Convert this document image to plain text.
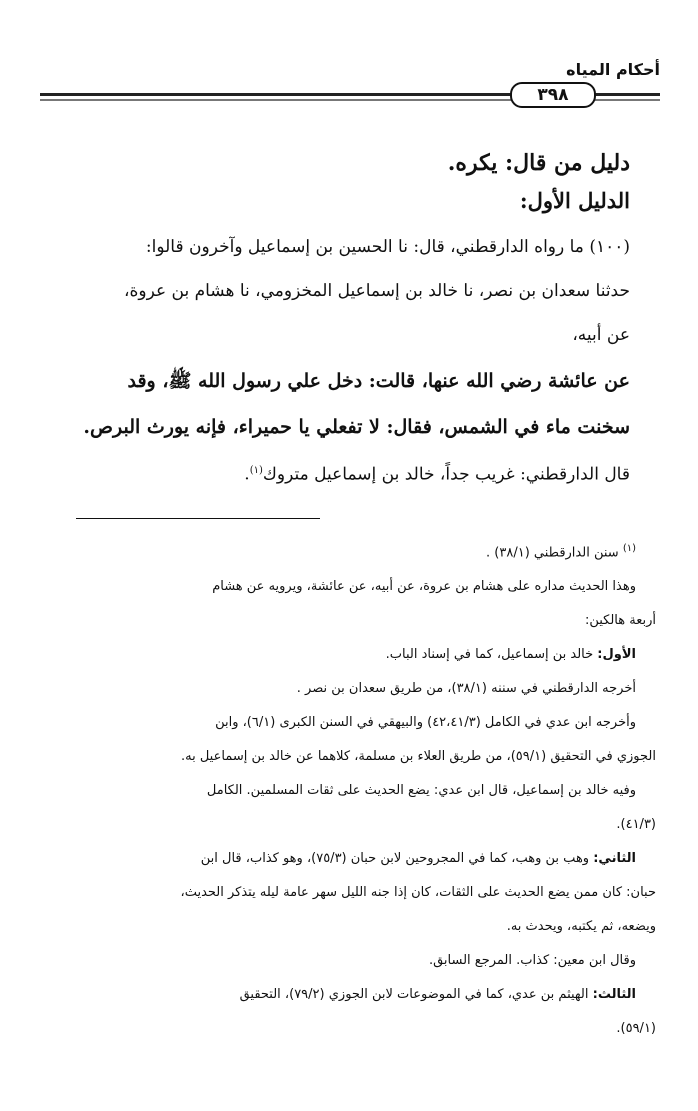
أحكام المياه
٣٩٨

دليل من قال: يكره.

الدليل الأول:

(١٠٠) ما رواه الدارقطني، قال: نا الحسين بن إسماعيل وآخرون قالوا:

حدثنا سعدان بن نصر، نا خالد بن إسماعيل المخزومي، نا هشام بن عروة،

عن أبيه،

عن عائشة رضي الله عنها، قالت: دخل علي رسول الله ﷺ، وقد

سخنت ماء في الشمس، فقال: لا تفعلي يا حميراء، فإنه يورث البرص.

قال الدارقطني: غريب جداً، خالد بن إسماعيل متروك$^{(١)}$.

$^{(١)}$ سنن الدارقطني (٣٨/١) .

وهذا الحديث مداره على هشام بن عروة، عن أبيه، عن عائشة، ويرويه عن هشام

أربعة هالكين:

الأول: خالد بن إسماعيل، كما في إسناد الباب.

أخرجه الدارقطني في سننه (٣٨/١)، من طريق سعدان بن نصر .

وأخرجه ابن عدي في الكامل (٤٢،٤١/٣) والبيهقي في السنن الكبرى (٦/١)، وابن

الجوزي في التحقيق (٥٩/١)، من طريق العلاء بن مسلمة، كلاهما عن خالد بن إسماعيل به.

وفيه خالد بن إسماعيل، قال ابن عدي: يضع الحديث على ثقات المسلمين. الكامل

(٤١/٣).

الثاني: وهب بن وهب، كما في المجروحين لابن حبان (٧٥/٣)، وهو كذاب، قال ابن

حبان: كان ممن يضع الحديث على الثقات، كان إذا جنه الليل سهر عامة ليله يتذكر الحديث،

ويضعه، ثم يكتبه، ويحدث به.

وقال ابن معين: كذاب. المرجع السابق.

الثالث: الهيثم بن عدي، كما في الموضوعات لابن الجوزي (٧٩/٢)، التحقيق

(٥٩/١).
